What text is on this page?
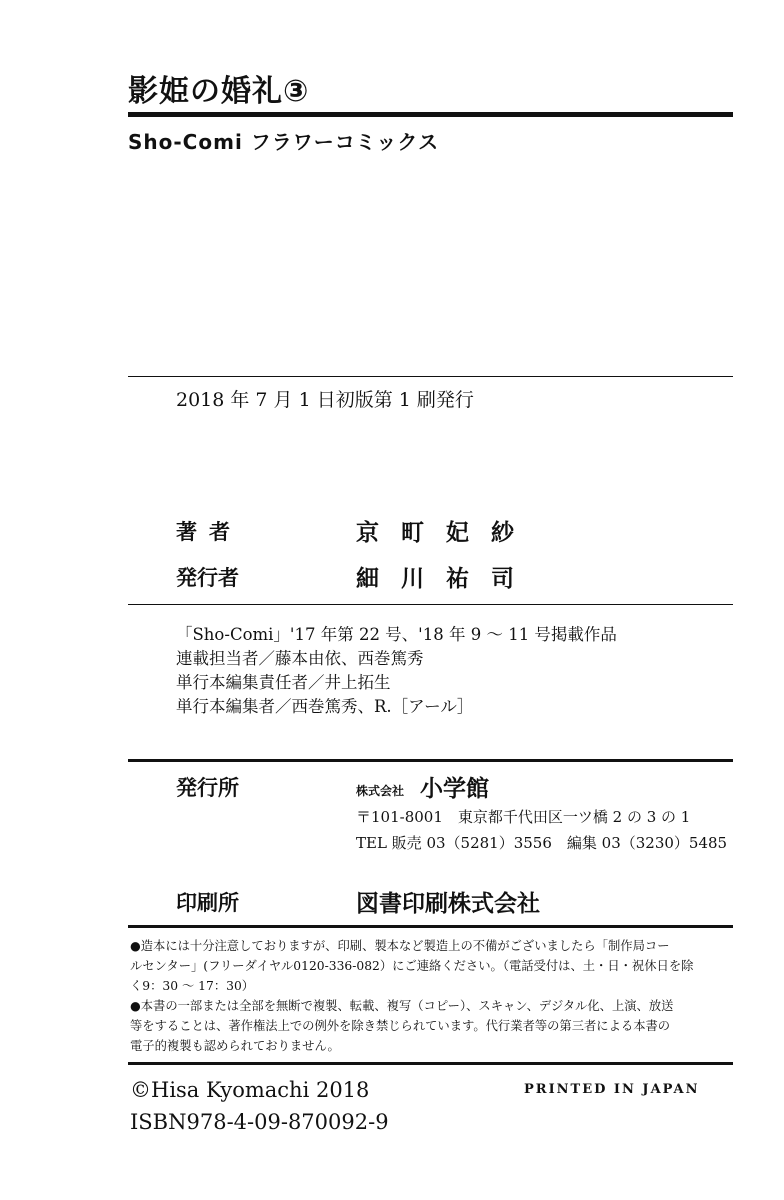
影姫の婚礼③
Sho-Comi フラワーコミックス
2018 年 7 月 1 日初版第 1 刷発行
著者	京町妃紗
発行者	細川祐司
「Sho-Comi」'17 年第 22 号、'18 年 9 ～ 11 号掲載作品
連載担当者／藤本由依、西巻篤秀
単行本編集責任者／井上拓生
単行本編集者／西巻篤秀、R.［アール］
発行所	株式会社 小学館
〒101-8001　東京都千代田区一ツ橋 2 の 3 の 1
TEL 販売 03（5281）3556　編集 03（3230）5485
印刷所	図書印刷株式会社
●造本には十分注意しておりますが、印刷、製本など製造上の不備がございましたら「制作局コー
ルセンター」(フリーダイヤル0120-336-082）にご連絡ください。（電話受付は、土・日・祝休日を除
く9：30 ～ 17：30）
●本書の一部または全部を無断で複製、転載、複写（コピー）、スキャン、デジタル化、上演、放送
等をすることは、著作権法上での例外を除き禁じられています。代行業者等の第三者による本書の
電子的複製も認められておりません。
©Hisa Kyomachi 2018	PRINTED IN JAPAN
ISBN978-4-09-870092-9
